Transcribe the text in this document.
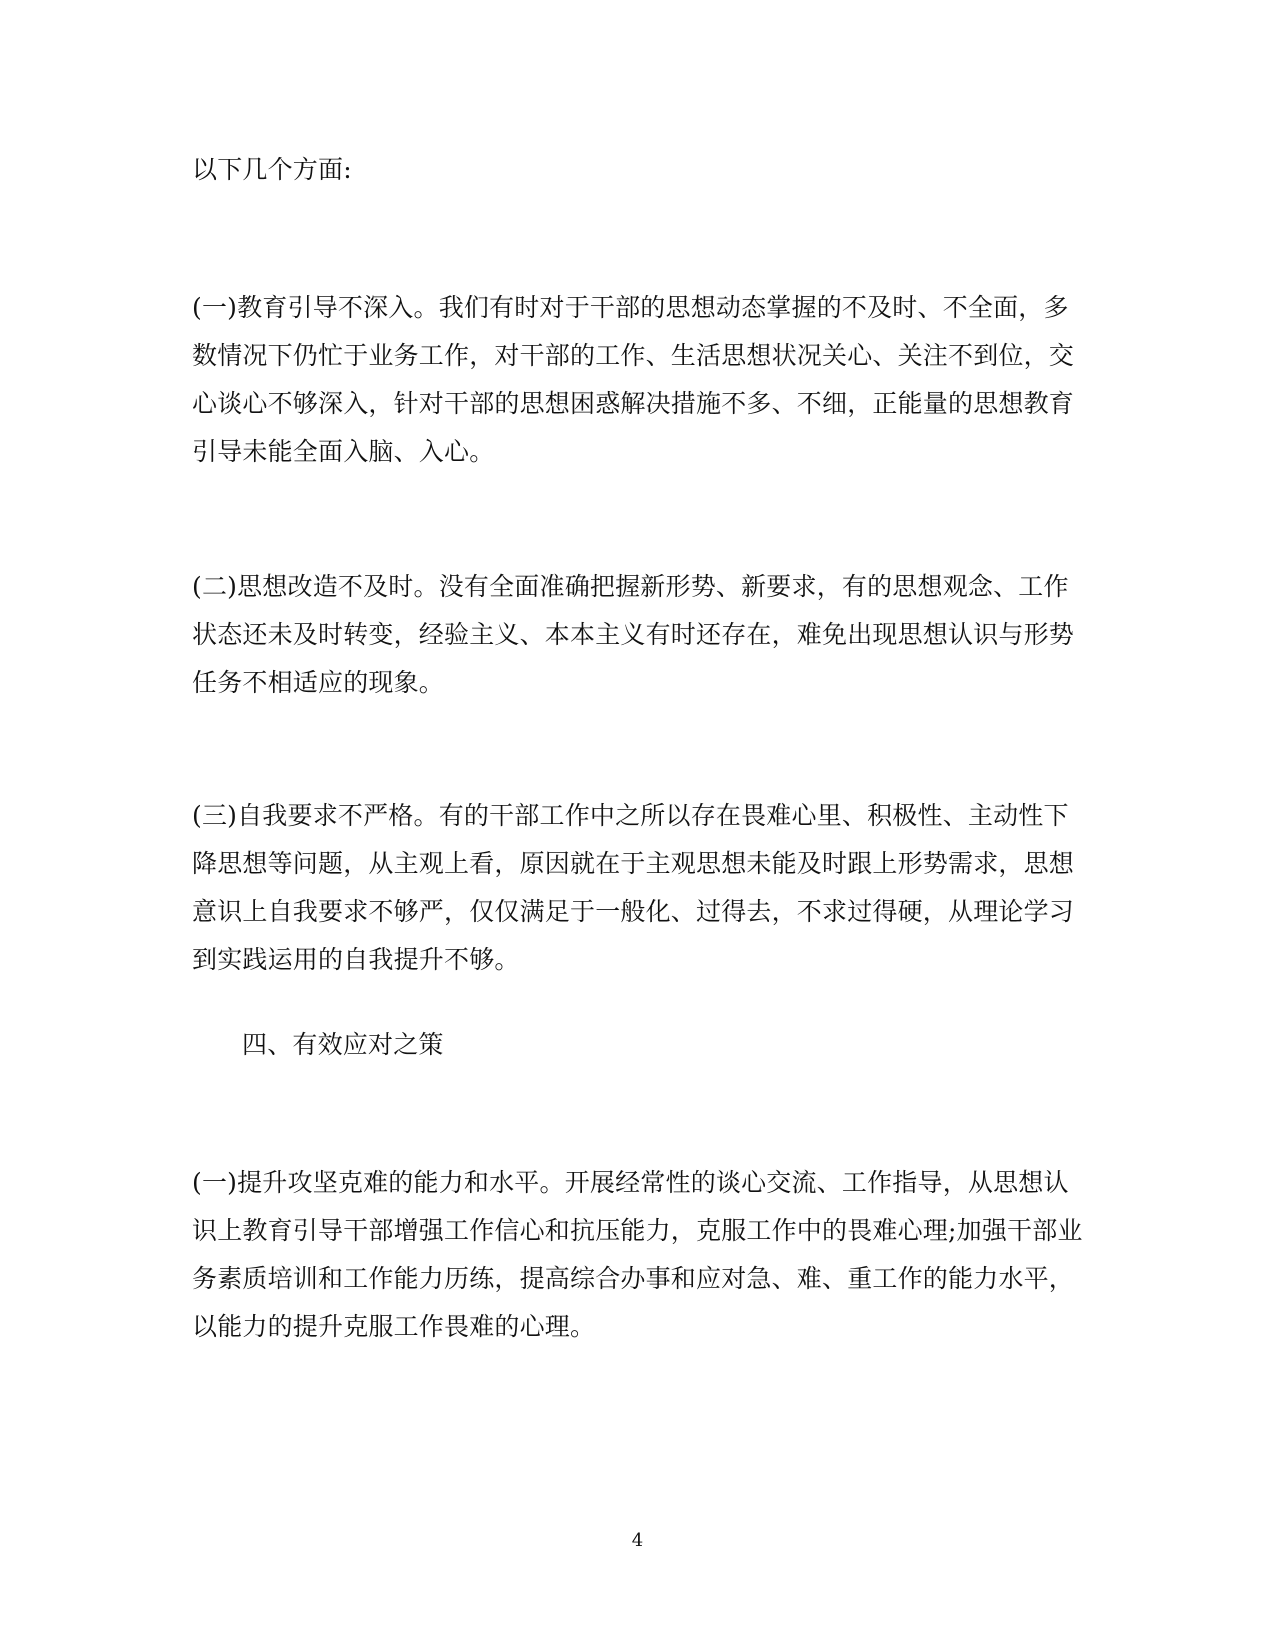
以下几个方面:
(一)教育引导不深入。我们有时对于干部的思想动态掌握的不及时、不全面，多
数情况下仍忙于业务工作，对干部的工作、生活思想状况关心、关注不到位，交
心谈心不够深入，针对干部的思想困惑解决措施不多、不细，正能量的思想教育
引导未能全面入脑、入心。
(二)思想改造不及时。没有全面准确把握新形势、新要求，有的思想观念、工作
状态还未及时转变，经验主义、本本主义有时还存在，难免出现思想认识与形势
任务不相适应的现象。
(三)自我要求不严格。有的干部工作中之所以存在畏难心里、积极性、主动性下
降思想等问题，从主观上看，原因就在于主观思想未能及时跟上形势需求，思想
意识上自我要求不够严，仅仅满足于一般化、过得去，不求过得硬，从理论学习
到实践运用的自我提升不够。
四、有效应对之策
(一)提升攻坚克难的能力和水平。开展经常性的谈心交流、工作指导，从思想认
识上教育引导干部增强工作信心和抗压能力，克服工作中的畏难心理;加强干部业
务素质培训和工作能力历练，提高综合办事和应对急、难、重工作的能力水平，
以能力的提升克服工作畏难的心理。
4
